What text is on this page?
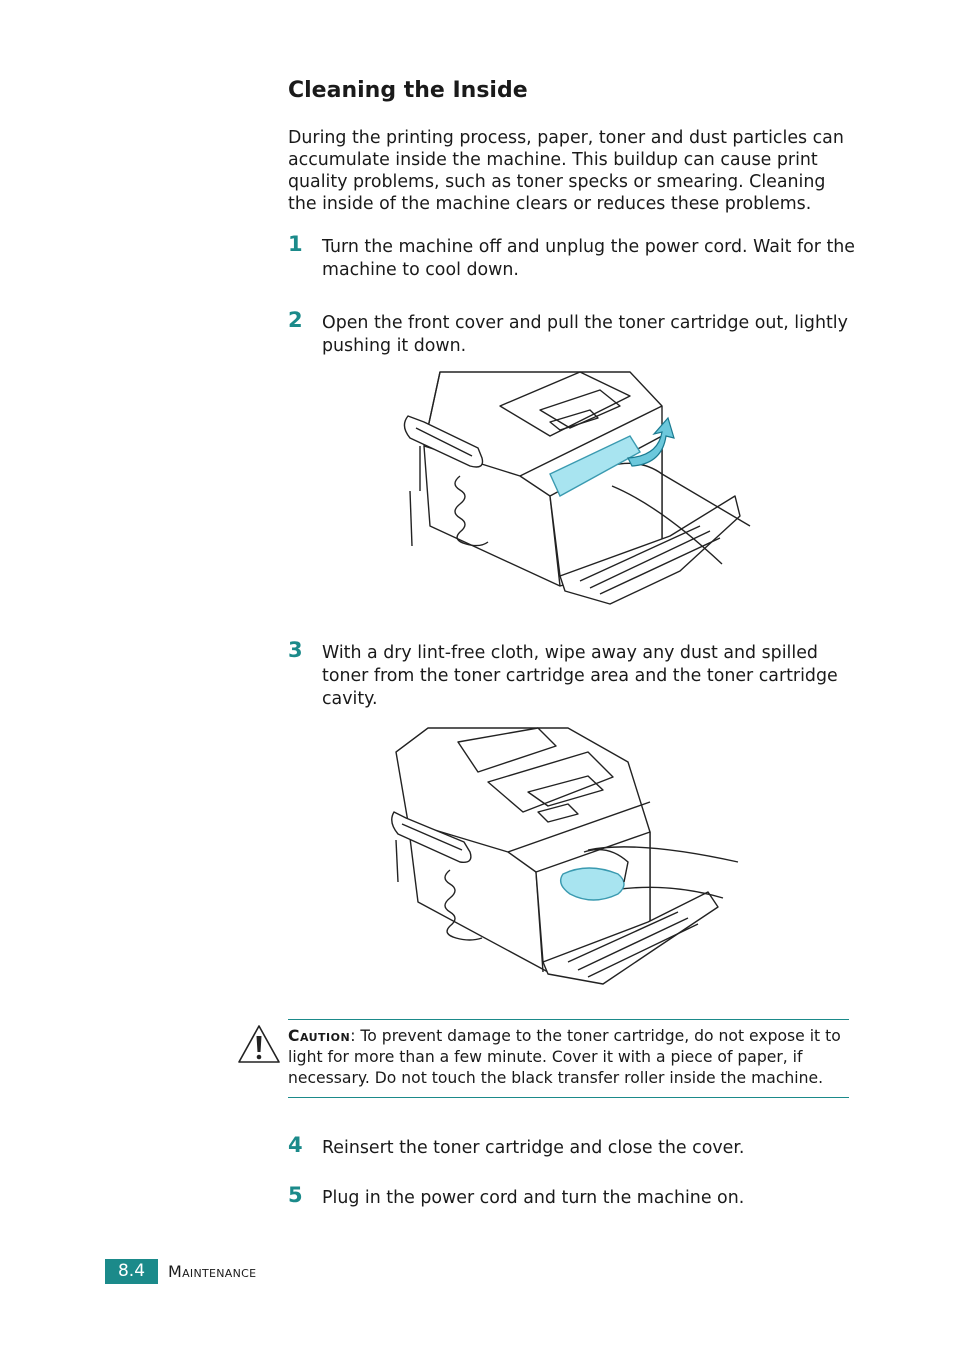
Cleaning the Inside

During the printing process, paper, toner and dust particles can accumulate inside the machine. This buildup can cause print quality problems, such as toner specks or smearing. Cleaning the inside of the machine clears or reduces these problems.

1 Turn the machine off and unplug the power cord. Wait for the machine to cool down.
2 Open the front cover and pull the toner cartridge out, lightly pushing it down.
3 With a dry lint-free cloth, wipe away any dust and spilled toner from the toner cartridge area and the toner cartridge cavity.
Caution: To prevent damage to the toner cartridge, do not expose it to light for more than a few minute. Cover it with a piece of paper, if necessary. Do not touch the black transfer roller inside the machine.
4 Reinsert the toner cartridge and close the cover.
5 Plug in the power cord and turn the machine on.
8.4	Maintenance
